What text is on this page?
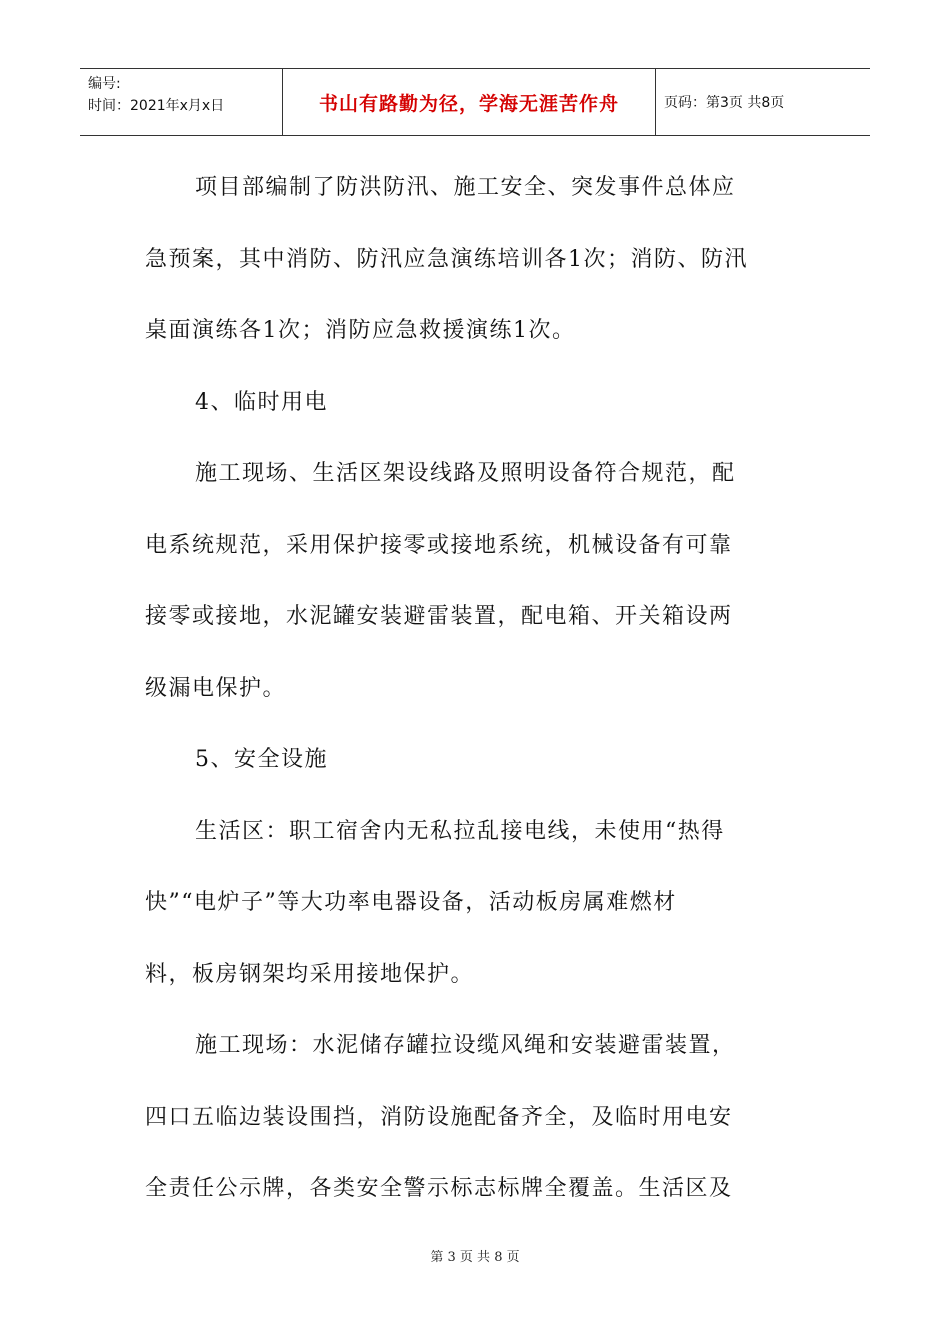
编号:
时间：2021年x月x日	书山有路勤为径，学海无涯苦作舟	页码：第3页 共8页
项目部编制了防洪防汛、施工安全、突发事件总体应
急预案，其中消防、防汛应急演练培训各1次；消防、防汛
桌面演练各1次；消防应急救援演练1次。
4、临时用电
施工现场、生活区架设线路及照明设备符合规范，配
电系统规范，采用保护接零或接地系统，机械设备有可靠
接零或接地，水泥罐安装避雷装置，配电箱、开关箱设两
级漏电保护。
5、安全设施
生活区：职工宿舍内无私拉乱接电线，未使用“热得
快”“电炉子”等大功率电器设备，活动板房属难燃材
料，板房钢架均采用接地保护。
施工现场：水泥储存罐拉设缆风绳和安装避雷装置，
四口五临边装设围挡，消防设施配备齐全，及临时用电安
全责任公示牌，各类安全警示标志标牌全覆盖。生活区及
第 3 页 共 8 页
